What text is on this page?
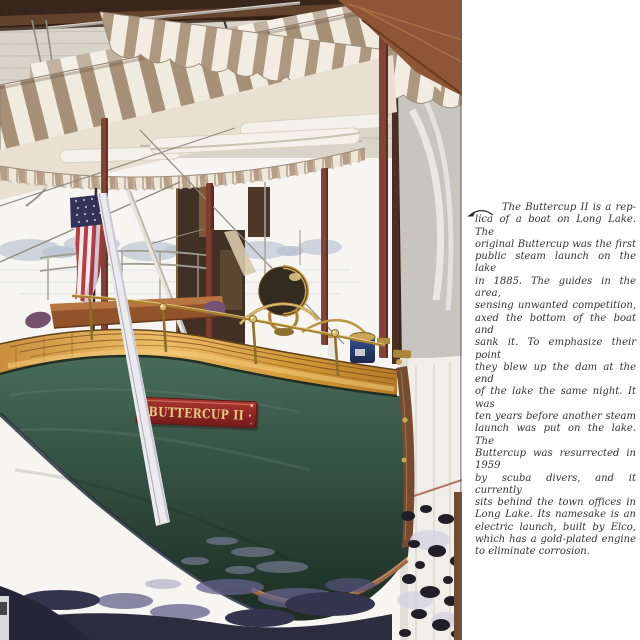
· BUTTERCUP II ·
The Buttercup II is a rep-
lica of a boat on Long Lake. The
original Buttercup was the first
public steam launch on the lake
in 1885. The guides in the area,
sensing unwanted competition,
axed the bottom of the boat and
sank it. To emphasize their point
they blew up the dam at the end
of the lake the same night. It was
ten years before another steam
launch was put on the lake. The
Buttercup was resurrected in 1959
by scuba divers, and it currently
sits behind the town offices in
Long Lake. Its namesake is an
electric launch, built by Elco,
which has a gold-plated engine
to eliminate corrosion.
